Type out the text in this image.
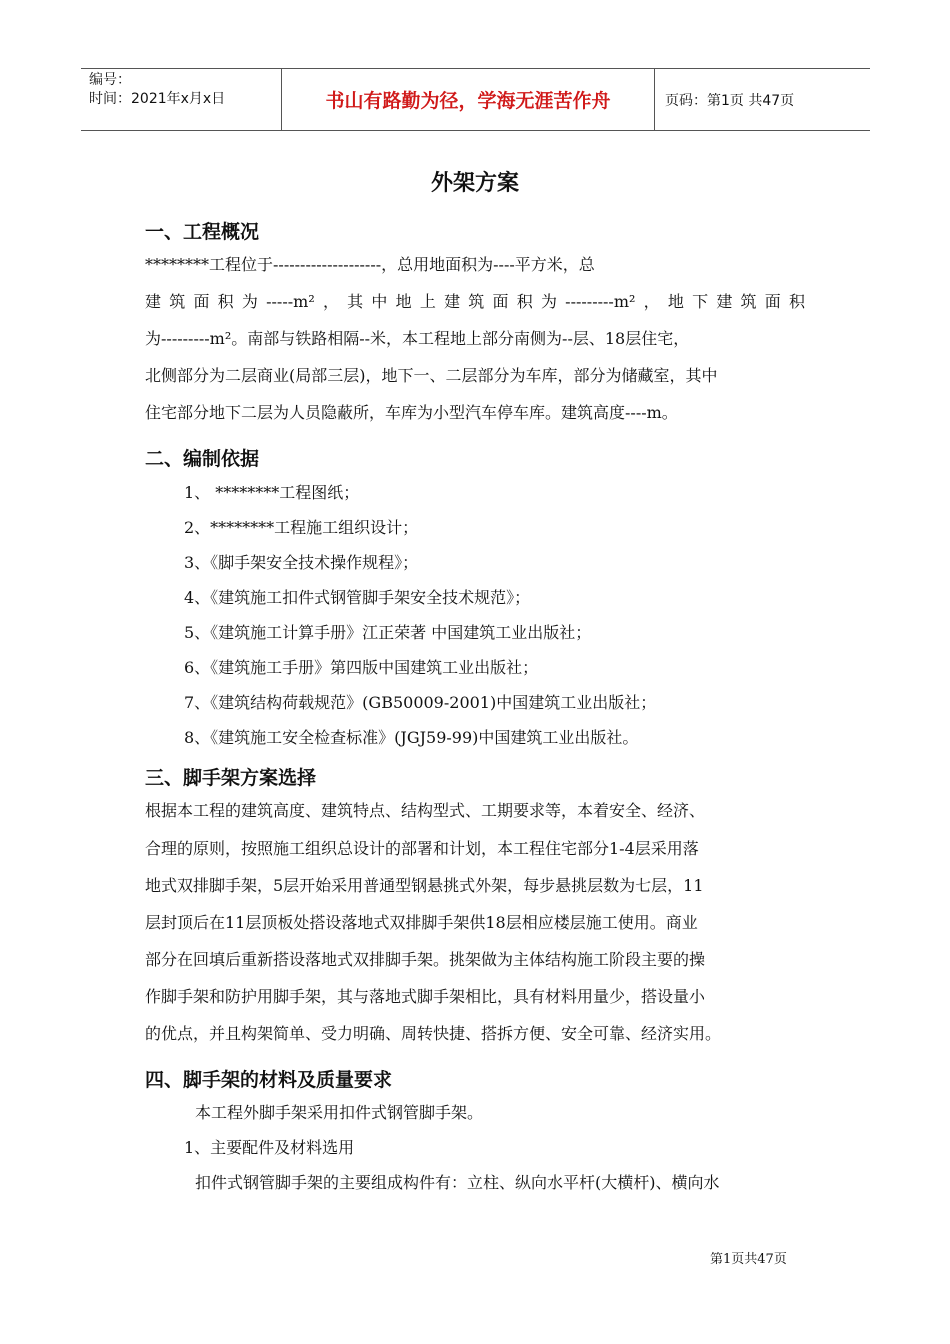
编号：
时间：2021年x月x日	书山有路勤为径，学海无涯苦作舟	页码：第1页 共47页
外架方案
一、工程概况
********工程位于--------------------，总用地面积为----平方米，总
建筑面积为-----m²，其中地上建筑面积为---------m²，地下建筑面积
为---------m²。南部与铁路相隔--米，本工程地上部分南侧为--层、18层住宅，
北侧部分为二层商业(局部三层)，地下一、二层部分为车库，部分为储藏室，其中
住宅部分地下二层为人员隐蔽所，车库为小型汽车停车库。建筑高度----m。
二、编制依据
1、 ********工程图纸；
2、********工程施工组织设计；
3、《脚手架安全技术操作规程》；
4、《建筑施工扣件式钢管脚手架安全技术规范》；
5、《建筑施工计算手册》江正荣著 中国建筑工业出版社；
6、《建筑施工手册》第四版中国建筑工业出版社；
7、《建筑结构荷载规范》(GB50009-2001)中国建筑工业出版社；
8、《建筑施工安全检查标准》(JGJ59-99)中国建筑工业出版社。
三、脚手架方案选择
根据本工程的建筑高度、建筑特点、结构型式、工期要求等，本着安全、经济、
合理的原则，按照施工组织总设计的部署和计划，本工程住宅部分1-4层采用落
地式双排脚手架，5层开始采用普通型钢悬挑式外架，每步悬挑层数为七层，11
层封顶后在11层顶板处搭设落地式双排脚手架供18层相应楼层施工使用。商业
部分在回填后重新搭设落地式双排脚手架。挑架做为主体结构施工阶段主要的操
作脚手架和防护用脚手架，其与落地式脚手架相比，具有材料用量少，搭设量小
的优点，并且构架简单、受力明确、周转快捷、搭拆方便、安全可靠、经济实用。
四、脚手架的材料及质量要求
本工程外脚手架采用扣件式钢管脚手架。
1、主要配件及材料选用
扣件式钢管脚手架的主要组成构件有：立柱、纵向水平杆(大横杆)、横向水
第1页共47页
